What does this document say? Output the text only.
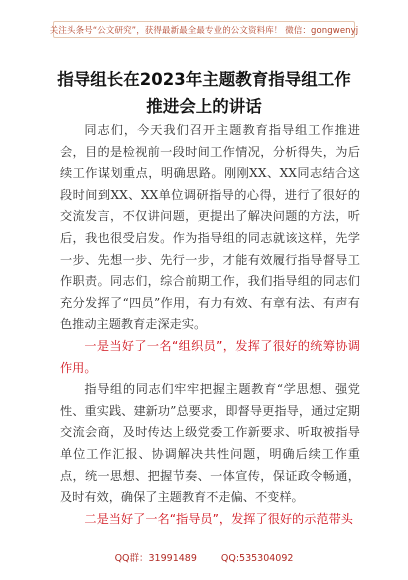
关注头条号“公文研究”，获得最新最全最专业的公文资料库！ 微信：gongwenyj
指导组长在2023年主题教育指导组工作
推进会上的讲话

同志们，今天我们召开主题教育指导组工作推进会，目的是检视前一段时间工作情况，分析得失，为后续工作谋划重点，明确思路。刚刚XX、XX同志结合这段时间到XX、XX单位调研指导的心得，进行了很好的交流发言，不仅讲问题，更提出了解决问题的方法，听后，我也很受启发。作为指导组的同志就该这样，先学一步、先想一步、先行一步，才能有效履行指导督导工作职责。同志们，综合前期工作，我们指导组的同志们充分发挥了“四员”作用，有力有效、有章有法、有声有色推动主题教育走深走实。

一是当好了一名“组织员”，发挥了很好的统筹协调作用。

指导组的同志们牢牢把握主题教育“学思想、强党性、重实践、建新功”总要求，即督导更指导，通过定期交流会商，及时传达上级党委工作新要求、听取被指导单位工作汇报、协调解决共性问题，明确后续工作重点，统一思想、把握节奏、一体宣传，保证政令畅通，及时有效，确保了主题教育不走偏、不变样。

二是当好了一名“指导员”，发挥了很好的示范带头

QQ群：31991489	QQ:535304092
